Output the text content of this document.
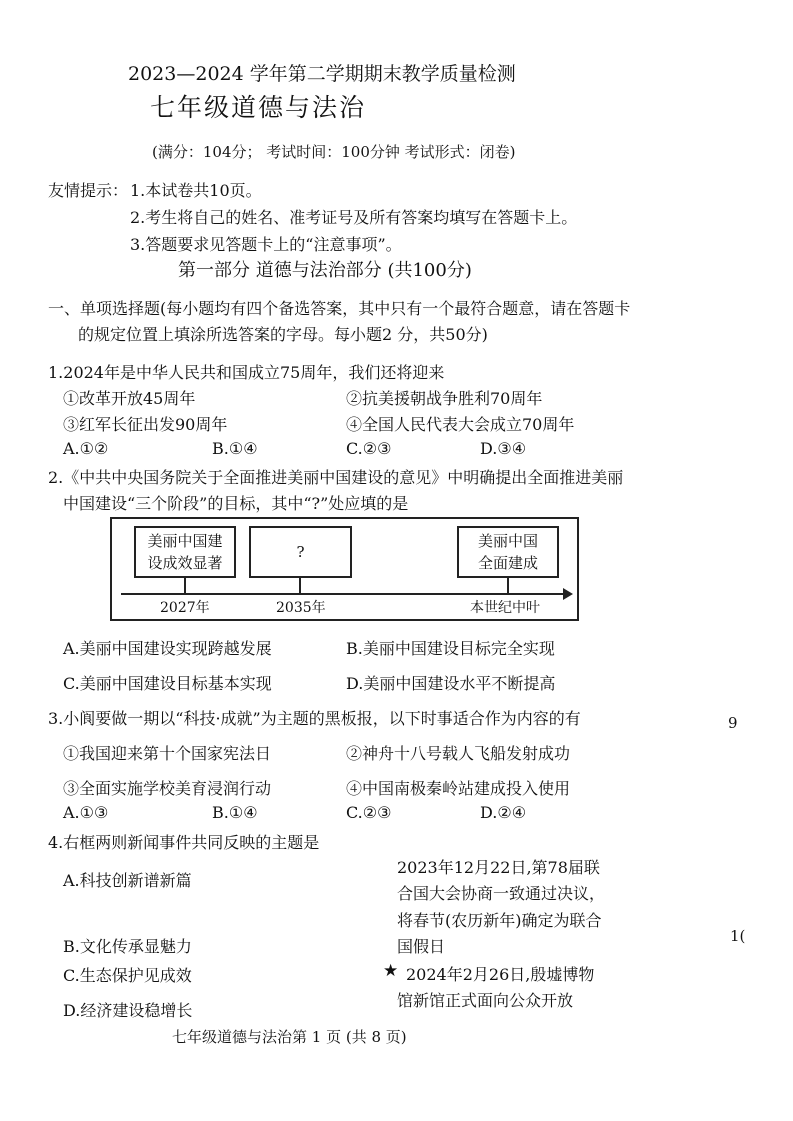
2023—2024 学年第二学期期末教学质量检测
七年级道德与法治
(满分：104分； 考试时间：100分钟 考试形式：闭卷)
友情提示： 1.本试卷共10页。
2.考生将自己的姓名、准考证号及所有答案均填写在答题卡上。
3.答题要求见答题卡上的“注意事项”。
第一部分 道德与法治部分 (共100分)
一、单项选择题(每小题均有四个备选答案，其中只有一个最符合题意，请在答题卡
的规定位置上填涂所选答案的字母。每小题2 分，共50分)
1.2024年是中华人民共和国成立75周年，我们还将迎来
①改革开放45周年	②抗美援朝战争胜利70周年
③红军长征出发90周年	④全国人民代表大会成立70周年
A.①②	B.①④	C.②③	D.③④
2.《中共中央国务院关于全面推进美丽中国建设的意见》中明确提出全面推进美丽
中国建设“三个阶段”的目标，其中“?”处应填的是
美丽中国建
设成效显著
?
美丽中国
全面建成
2027年	2035年	本世纪中叶
A.美丽中国建设实现跨越发展	B.美丽中国建设目标完全实现
C.美丽中国建设目标基本实现	D.美丽中国建设水平不断提高
3.小阆要做一期以“科技·成就”为主题的黑板报，以下时事适合作为内容的有
①我国迎来第十个国家宪法日	②神舟十八号载人飞船发射成功
③全面实施学校美育浸润行动	④中国南极秦岭站建成投入使用
A.①③	B.①④	C.②③	D.②④
4.右框两则新闻事件共同反映的主题是
A.科技创新谱新篇
B.文化传承显魅力
C.生态保护见成效
D.经济建设稳增长
2023年12月22日,第78届联
合国大会协商一致通过决议，
将春节(农历新年)确定为联合
国假日
★ 2024年2月26日,殷墟博物
馆新馆正式面向公众开放
9
1(
七年级道德与法治第 1 页 (共 8 页)
